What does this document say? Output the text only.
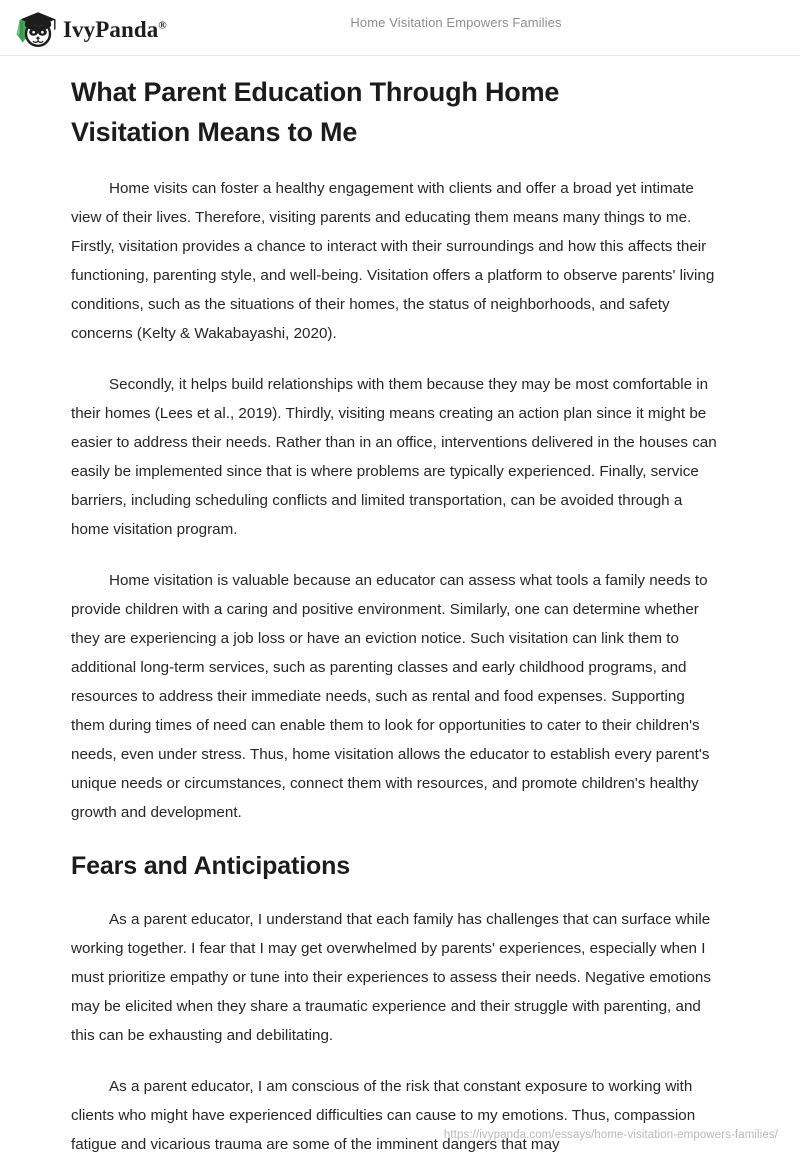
IvyPanda®	Home Visitation Empowers Families
What Parent Education Through Home Visitation Means to Me

Home visits can foster a healthy engagement with clients and offer a broad yet intimate view of their lives. Therefore, visiting parents and educating them means many things to me. Firstly, visitation provides a chance to interact with their surroundings and how this affects their functioning, parenting style, and well-being. Visitation offers a platform to observe parents' living conditions, such as the situations of their homes, the status of neighborhoods, and safety concerns (Kelty & Wakabayashi, 2020).

Secondly, it helps build relationships with them because they may be most comfortable in their homes (Lees et al., 2019). Thirdly, visiting means creating an action plan since it might be easier to address their needs. Rather than in an office, interventions delivered in the houses can easily be implemented since that is where problems are typically experienced. Finally, service barriers, including scheduling conflicts and limited transportation, can be avoided through a home visitation program.

Home visitation is valuable because an educator can assess what tools a family needs to provide children with a caring and positive environment. Similarly, one can determine whether they are experiencing a job loss or have an eviction notice. Such visitation can link them to additional long-term services, such as parenting classes and early childhood programs, and resources to address their immediate needs, such as rental and food expenses. Supporting them during times of need can enable them to look for opportunities to cater to their children's needs, even under stress. Thus, home visitation allows the educator to establish every parent's unique needs or circumstances, connect them with resources, and promote children's healthy growth and development.

Fears and Anticipations

As a parent educator, I understand that each family has challenges that can surface while working together. I fear that I may get overwhelmed by parents' experiences, especially when I must prioritize empathy or tune into their experiences to assess their needs. Negative emotions may be elicited when they share a traumatic experience and their struggle with parenting, and this can be exhausting and debilitating.

As a parent educator, I am conscious of the risk that constant exposure to working with clients who might have experienced difficulties can cause to my emotions. Thus, compassion fatigue and vicarious trauma are some of the imminent dangers that may

https://ivypanda.com/essays/home-visitation-empowers-families/
